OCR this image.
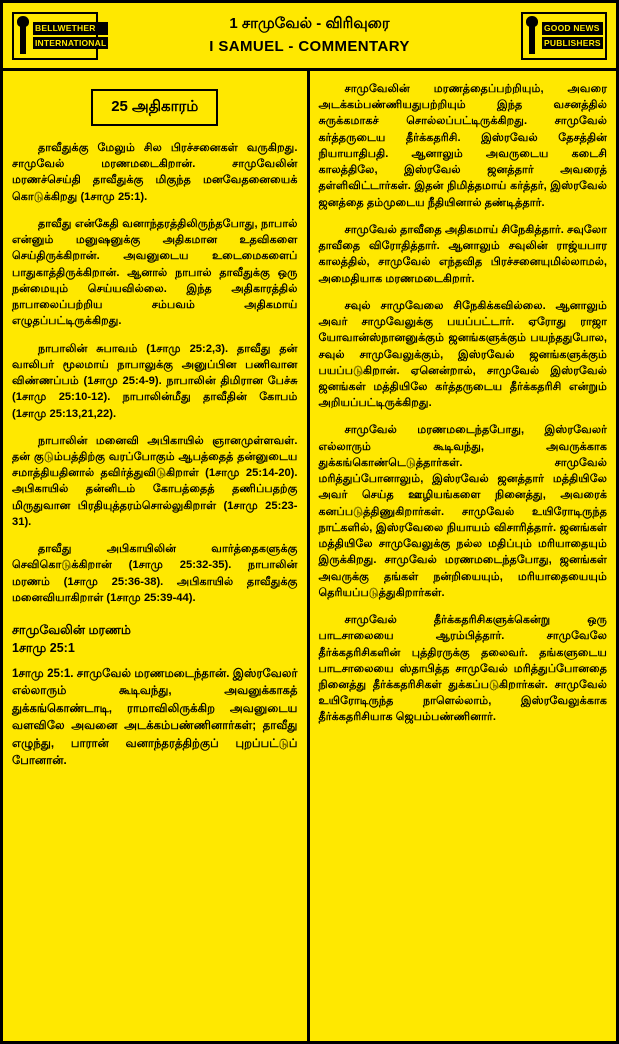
BELLWETHER
INTERNATIONAL
1 சாமுவேல் - விரிவுரை
I SAMUEL - COMMENTARY
GOOD NEWS
PUBLISHERS
25 அதிகாரம்

தாவீதுக்கு மேலும் சில பிரச்சனைகள் வருகிறது. சாமுவேல் மரணமடைகிறான். சாமுவேலின் மரணச்செய்தி தாவீதுக்கு மிகுந்த மனவேதனையைக் கொடுக்கிறது (1சாமு 25:1).

தாவீது என்கேதி வனாந்தரத்திலிருந்தபோது, நாபால் என்னும் மனுஷனுக்கு அதிகமான உதவிகளை செய்திருக்கிறான். அவனுடைய உடைமைகளைப் பாதுகாத்திருக்கிறான். ஆனால் நாபால் தாவீதுக்கு ஒரு நன்மையும் செய்யவில்லை. இந்த அதிகாரத்தில் நாபாலைப்பற்றிய சம்பவம் அதிகமாய் எழுதப்பட்டிருக்கிறது.

நாபாலின் சுபாவம் (1சாமு 25:2,3). தாவீது தன் வாலிபர் மூலமாய் நாபாலுக்கு அனுப்பின பணிவான விண்ணப்பம் (1சாமு 25:4-9). நாபாலின் திமிரான பேச்சு (1சாமு 25:10-12). நாபாலின்மீது தாவீதின் கோபம் (1சாமு 25:13,21,22).

நாபாலின் மனைவி அபிகாயில் ஞானமுள்ளவள். தன் குடும்பத்திற்கு வரப்போகும் ஆபத்தைத் தன்னுடைய சமாத்தியதினால் தவிர்த்துவிடுகிறாள் (1சாமு 25:14-20). அபிகாயில் தன்னிடம் கோபத்தைத் தணிப்பதற்கு மிருதுவான பிரதியுத்தரம்சொல்லுகிறாள் (1சாமு 25:23-31).

தாவீது அபிகாயிலின் வார்த்தைகளுக்கு செவிகொடுக்கிறான் (1சாமு 25:32-35). நாபாலின் மரணம் (1சாமு 25:36-38). அபிகாயில் தாவீதுக்கு மனைவியாகிறாள் (1சாமு 25:39-44).

சாமுவேலின் மரணம்
1சாமு 25:1

1சாமு 25:1. சாமுவேல் மரணமடைந்தான். இஸ்ரவேலர் எல்லாரும் கூடிவந்து, அவனுக்காகத் துக்கங்கொண்டாடி, ராமாவிலிருக்கிற அவனுடைய வளவிலே அவனை அடக்கம்பண்ணினார்கள்; தாவீது எழுந்து, பாரான் வனாந்தரத்திற்குப் புறப்பட்டுப் போனான்.

சாமுவேலின் மரணத்தைப்பற்றியும், அவரை அடக்கம்பண்ணியதுபற்றியும் இந்த வசனத்தில் சுருக்கமாகச் சொல்லப்பட்டிருக்கிறது. சாமுவேல் கர்த்தருடைய தீர்க்கதரிசி. இஸ்ரவேல் தேசத்தின் நியாயாதிபதி. ஆனாலும் அவருடைய கடைசி காலத்திலே, இஸ்ரவேல் ஜனத்தார் அவரைத் தள்ளிவிட்டார்கள். இதன் நிமித்தமாய் கர்த்தர், இஸ்ரவேல் ஜனத்தை தம்முடைய நீதியினால் தண்டித்தார்.

சாமுவேல் தாவீதை அதிகமாய் சிநேகித்தார். சவுலோ தாவீதை விரோதித்தார். ஆனாலும் சவுலின் ராஜ்யபார காலத்தில், சாமுவேல் எந்தவித பிரச்சனையுமில்லாமல், அமைதியாக மரணமடைகிறார்.

சவுல் சாமுவேலை சிநேகிக்கவில்லை. ஆனாலும் அவர் சாமுவேலுக்கு பயப்பட்டார். ஏரோது ராஜா யோவான்ஸ்நானனுக்கும் ஜனங்களுக்கும் பயந்ததுபோல, சவுல் சாமுவேலுக்கும், இஸ்ரவேல் ஜனங்களுக்கும் பயப்படுகிறான். ஏனென்றால், சாமுவேல் இஸ்ரவேல் ஜனங்கள் மத்தியிலே கர்த்தருடைய தீர்க்கதரிசி என்றும் அறியப்பட்டிருக்கிறது.

சாமுவேல் மரணமடைந்தபோது, இஸ்ரவேலர் எல்லாரும் கூடிவந்து, அவருக்காக துக்கங்கொண்டெடுத்தார்கள். சாமுவேல் மரித்துப்போனாலும், இஸ்ரவேல் ஜனத்தார் மத்தியிலே அவர் செய்த ஊழியங்களை நினைத்து, அவரைக் கனப்படுத்திணுகிறார்கள். சாமுவேல் உயிரோடிருந்த நாட்களில், இஸ்ரவேலை நியாயம் விசாரித்தார். ஜனங்கள் மத்தியிலே சாமுவேலுக்கு நல்ல மதிப்பும் மரியாதையும் இருக்கிறது. சாமுவேல் மரணமடைந்தபோது, ஜனங்கள் அவருக்கு தங்கள் நன்றியையும், மரியாதையையும் தெரியப்படுத்துகிறார்கள்.

சாமுவேல் தீர்க்கதரிசிகளுக்கென்று ஒரு பாடசாலையை ஆரம்பித்தார். சாமுவேலே தீர்க்கதரிசிகளின் புத்திரருக்கு தலைவர். தங்களுடைய பாடசாலையை ஸ்தாபித்த சாமுவேல் மரித்துப்போனதை நினைத்து தீர்க்கதரிசிகள் துக்கப்படுகிறார்கள். சாமுவேல் உயிரோடிருந்த நாளெல்லாம், இஸ்ரவேலுக்காக தீர்க்கதரிசியாக ஜெபம்பண்ணினார்.
